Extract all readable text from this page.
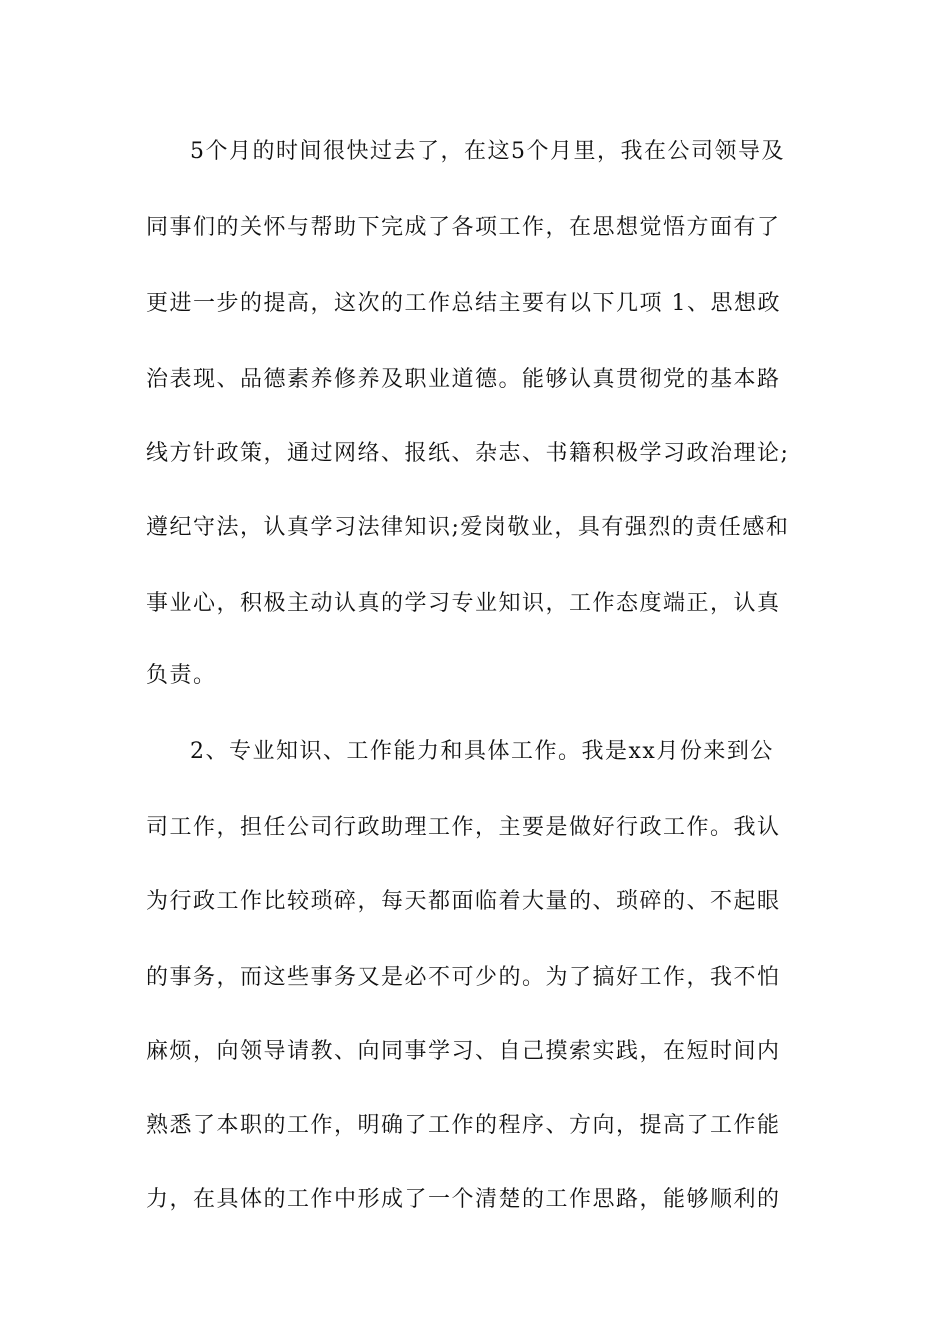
5个月的时间很快过去了，在这5个月里，我在公司领导及
同事们的关怀与帮助下完成了各项工作，在思想觉悟方面有了
更进一步的提高，这次的工作总结主要有以下几项 1、思想政
治表现、品德素养修养及职业道德。能够认真贯彻党的基本路
线方针政策，通过网络、报纸、杂志、书籍积极学习政治理论;
遵纪守法，认真学习法律知识;爱岗敬业，具有强烈的责任感和
事业心，积极主动认真的学习专业知识，工作态度端正，认真
负责。
2、专业知识、工作能力和具体工作。我是xx月份来到公
司工作，担任公司行政助理工作，主要是做好行政工作。我认
为行政工作比较琐碎，每天都面临着大量的、琐碎的、不起眼
的事务，而这些事务又是必不可少的。为了搞好工作，我不怕
麻烦，向领导请教、向同事学习、自己摸索实践，在短时间内
熟悉了本职的工作，明确了工作的程序、方向，提高了工作能
力，在具体的工作中形成了一个清楚的工作思路，能够顺利的
